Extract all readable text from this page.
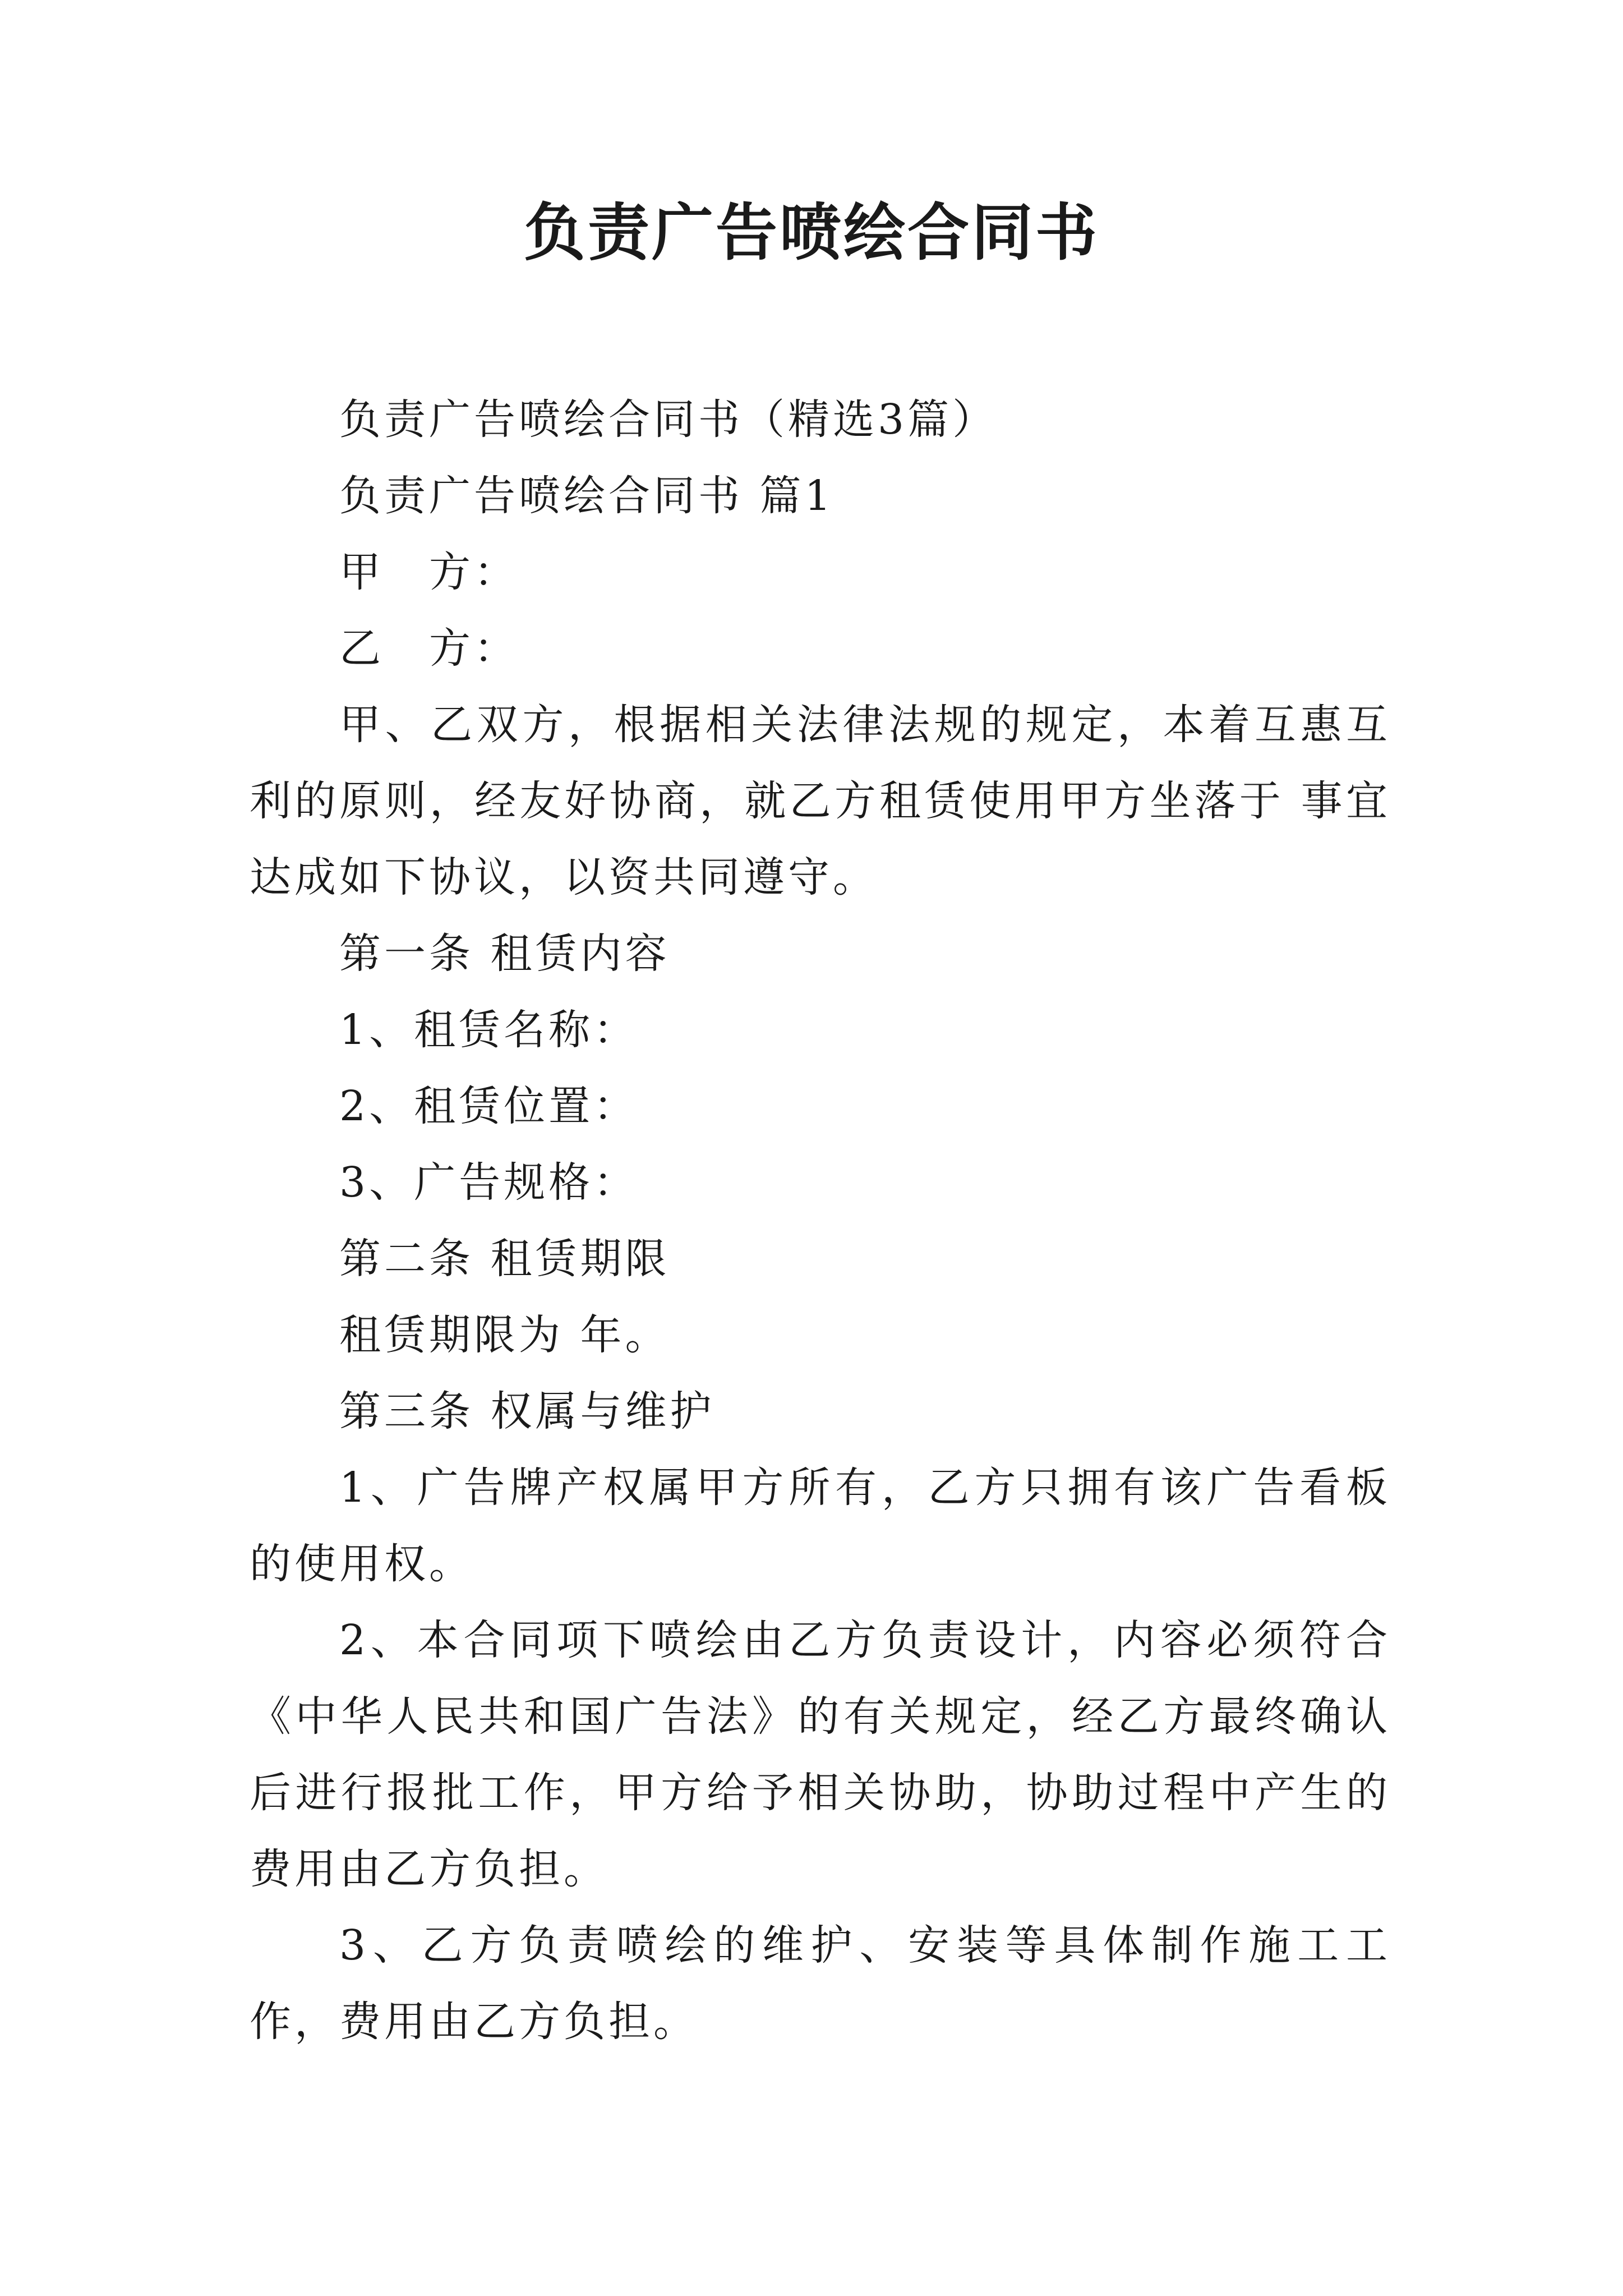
负责广告喷绘合同书

负责广告喷绘合同书（精选3篇）

负责广告喷绘合同书 篇1

甲　方：

乙　方：

甲、乙双方，根据相关法律法规的规定，本着互惠互利的原则，经友好协商，就乙方租赁使用甲方坐落于 事宜达成如下协议，以资共同遵守。

第一条 租赁内容

1、租赁名称：

2、租赁位置：

3、广告规格：

第二条 租赁期限

租赁期限为 年。

第三条 权属与维护

1、广告牌产权属甲方所有，乙方只拥有该广告看板的使用权。

2、本合同项下喷绘由乙方负责设计，内容必须符合《中华人民共和国广告法》的有关规定，经乙方最终确认后进行报批工作，甲方给予相关协助，协助过程中产生的费用由乙方负担。

3、乙方负责喷绘的维护、安装等具体制作施工工作，费用由乙方负担。
